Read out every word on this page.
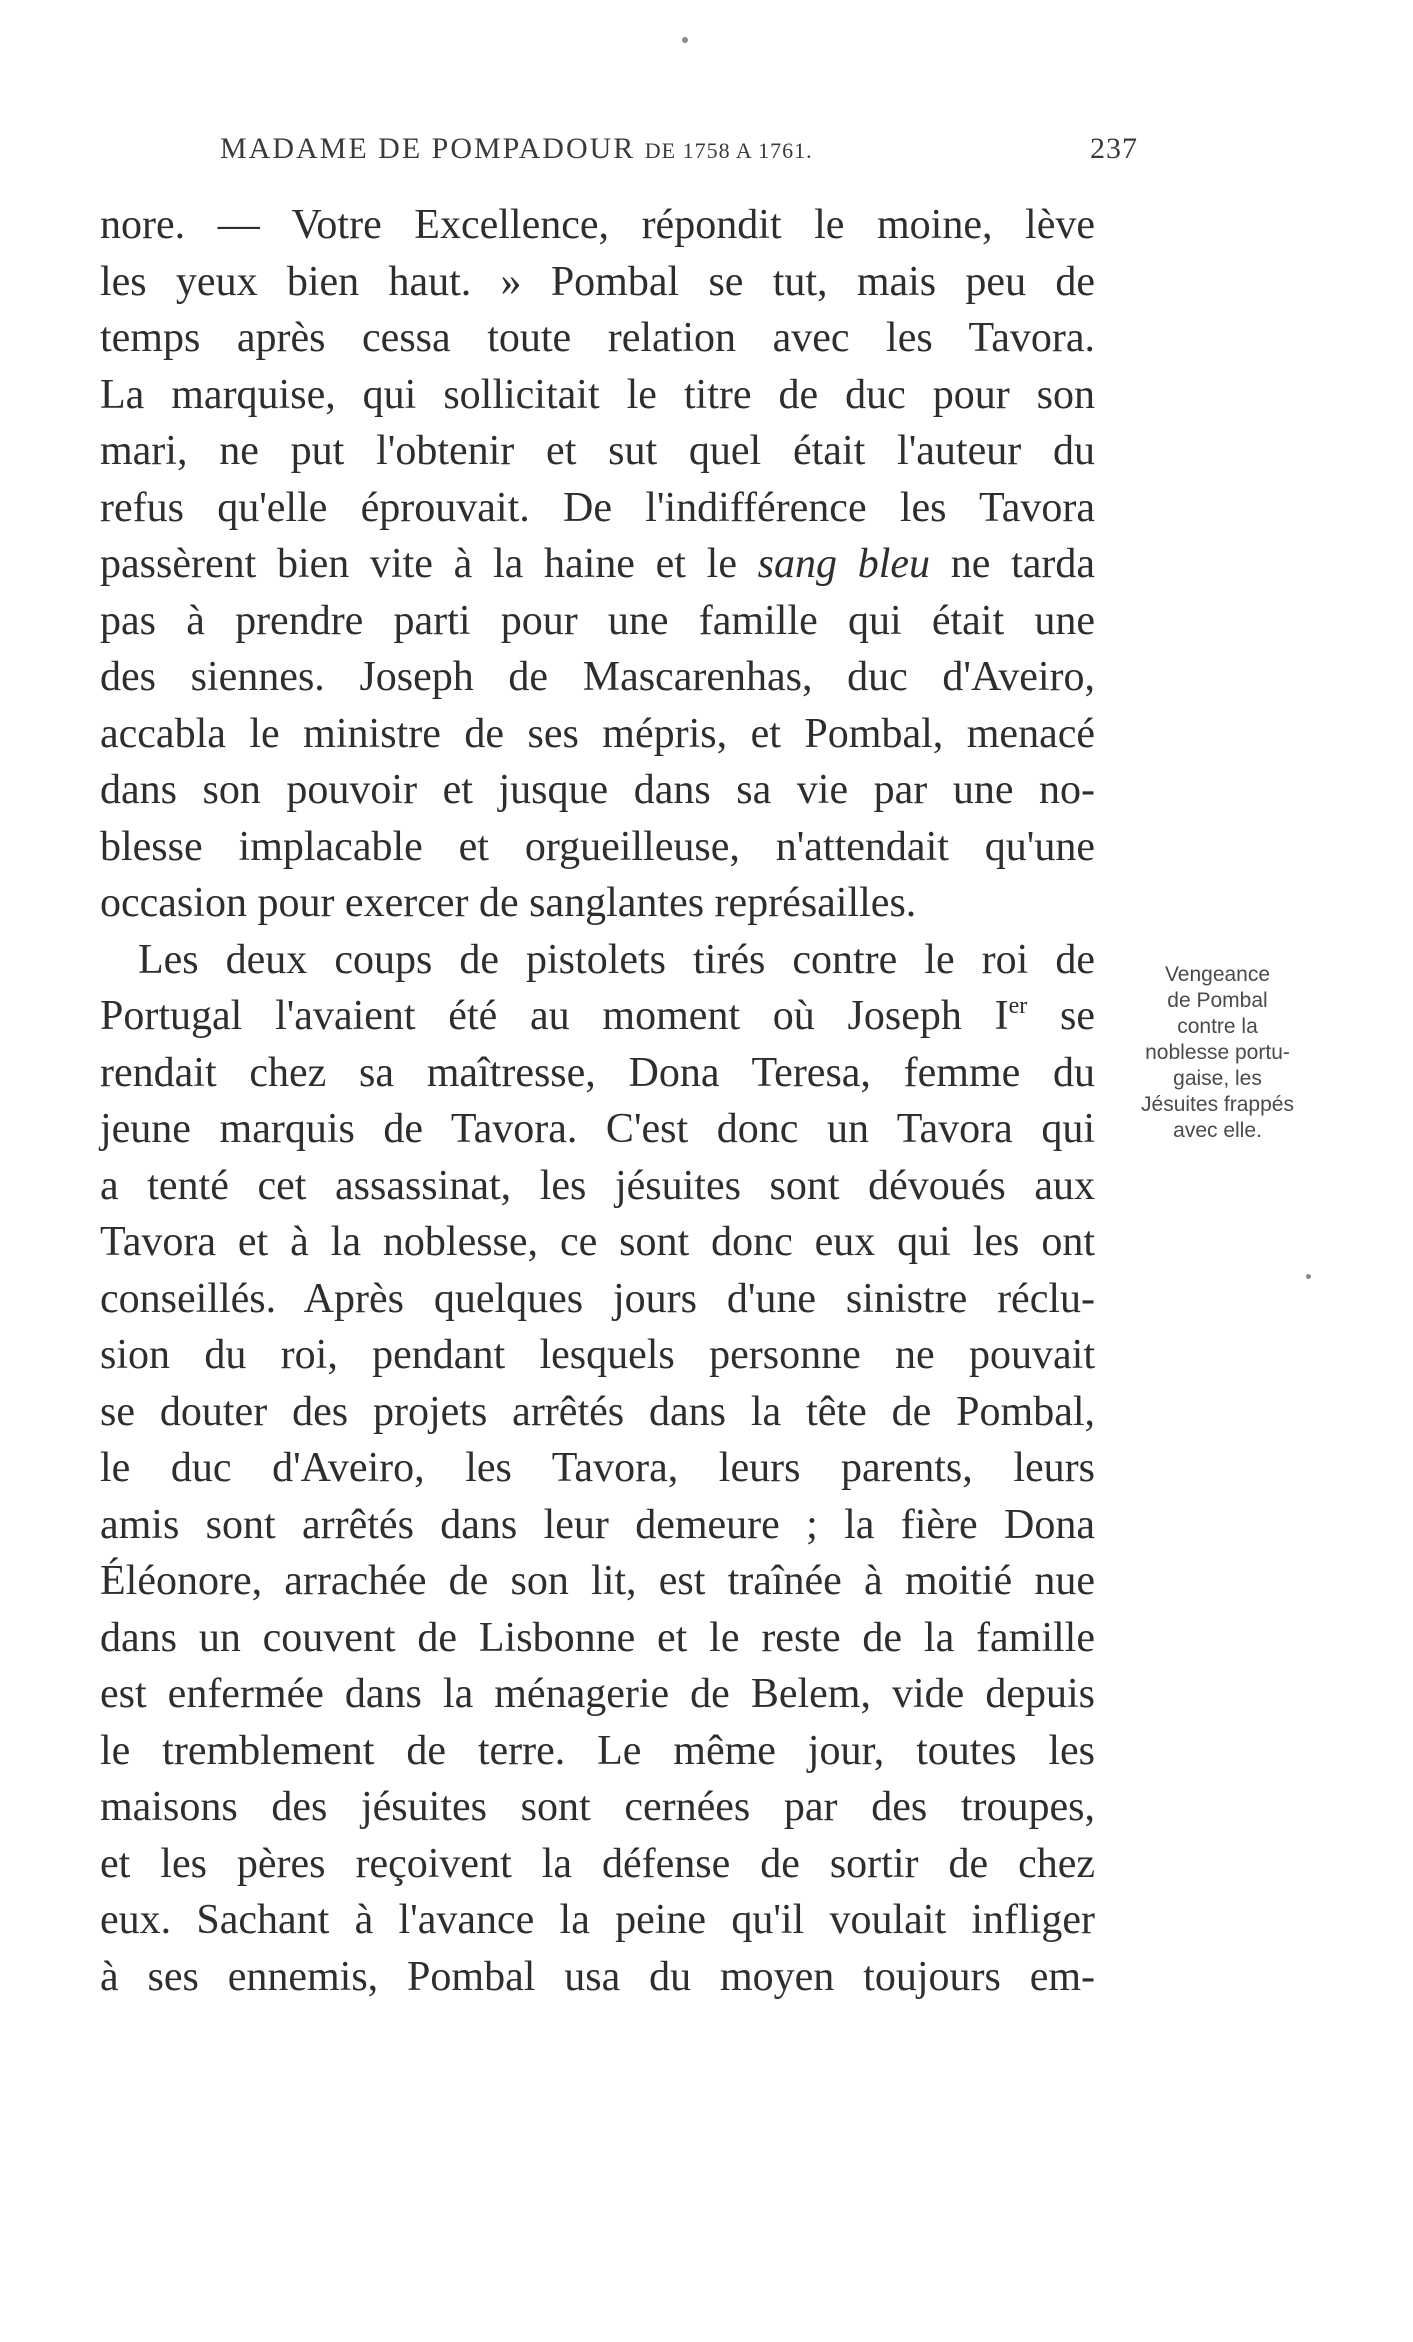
MADAME DE POMPADOUR DE 1758 A 1761.	237
nore. — Votre Excellence, répondit le moine, lève
les yeux bien haut. » Pombal se tut, mais peu de
temps après cessa toute relation avec les Tavora.
La marquise, qui sollicitait le titre de duc pour son
mari, ne put l'obtenir et sut quel était l'auteur du
refus qu'elle éprouvait. De l'indifférence les Tavora
passèrent bien vite à la haine et le sang bleu ne tarda
pas à prendre parti pour une famille qui était une
des siennes. Joseph de Mascarenhas, duc d'Aveiro,
accabla le ministre de ses mépris, et Pombal, menacé
dans son pouvoir et jusque dans sa vie par une no-
blesse implacable et orgueilleuse, n'attendait qu'une
occasion pour exercer de sanglantes représailles.
Les deux coups de pistolets tirés contre le roi de
Portugal l'avaient été au moment où Joseph Ier se
rendait chez sa maîtresse, Dona Teresa, femme du
jeune marquis de Tavora. C'est donc un Tavora qui
a tenté cet assassinat, les jésuites sont dévoués aux
Tavora et à la noblesse, ce sont donc eux qui les ont
conseillés. Après quelques jours d'une sinistre réclu-
sion du roi, pendant lesquels personne ne pouvait
se douter des projets arrêtés dans la tête de Pombal,
le duc d'Aveiro, les Tavora, leurs parents, leurs
amis sont arrêtés dans leur demeure ; la fière Dona
Éléonore, arrachée de son lit, est traînée à moitié nue
dans un couvent de Lisbonne et le reste de la famille
est enfermée dans la ménagerie de Belem, vide depuis
le tremblement de terre. Le même jour, toutes les
maisons des jésuites sont cernées par des troupes,
et les pères reçoivent la défense de sortir de chez
eux. Sachant à l'avance la peine qu'il voulait infliger
à ses ennemis, Pombal usa du moyen toujours em-
Vengeance
de Pombal
contre la
noblesse portu-
gaise, les
Jésuites frappés
avec elle.
